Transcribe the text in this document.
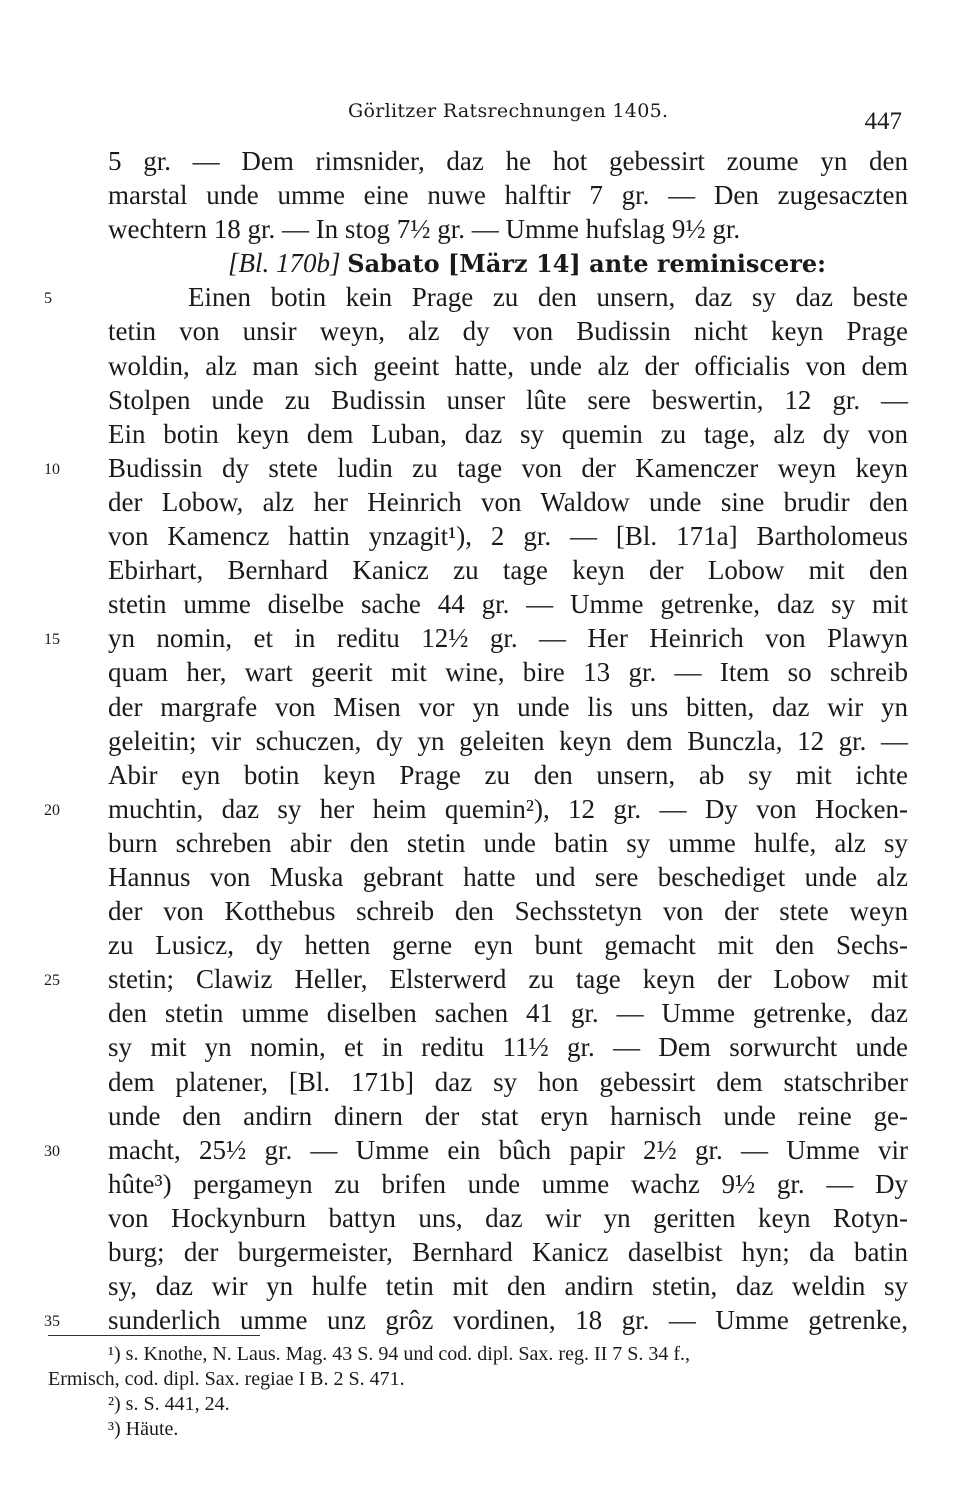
Görlitzer Ratsrechnungen 1405.	447
5 gr. — Dem rimsnider, daz he hot gebessirt zoume yn den
marstal unde umme eine nuwe halftir 7 gr. — Den zugesaczten
wechtern 18 gr. — In stog 7½ gr. — Umme hufslag 9½ gr.
[Bl. 170b] Sabato [März 14] ante reminiscere:
Einen botin kein Prage zu den unsern, daz sy daz beste
5
tetin von unsir weyn, alz dy von Budissin nicht keyn Prage
woldin, alz man sich geeint hatte, unde alz der officialis von dem
Stolpen unde zu Budissin unser lûte sere beswertin, 12 gr. —
Ein botin keyn dem Luban, daz sy quemin zu tage, alz dy von
Budissin dy stete ludin zu tage von der Kamenczer weyn keyn
10
der Lobow, alz her Heinrich von Waldow unde sine brudir den
von Kamencz hattin ynzagit¹), 2 gr. — [Bl. 171a] Bartholomeus
Ebirhart, Bernhard Kanicz zu tage keyn der Lobow mit den
stetin umme diselbe sache 44 gr. — Umme getrenke, daz sy mit
yn nomin, et in reditu 12½ gr. — Her Heinrich von Plawyn
15
quam her, wart geerit mit wine, bire 13 gr. — Item so schreib
der margrafe von Misen vor yn unde lis uns bitten, daz wir yn
geleitin; vir schuczen, dy yn geleiten keyn dem Bunczla, 12 gr. —
Abir eyn botin keyn Prage zu den unsern, ab sy mit ichte
muchtin, daz sy her heim quemin²), 12 gr. — Dy von Hocken-
20
burn schreben abir den stetin unde batin sy umme hulfe, alz sy
Hannus von Muska gebrant hatte und sere beschediget unde alz
der von Kotthebus schreib den Sechsstetyn von der stete weyn
zu Lusicz, dy hetten gerne eyn bunt gemacht mit den Sechs-
stetin; Clawiz Heller, Elsterwerd zu tage keyn der Lobow mit
25
den stetin umme diselben sachen 41 gr. — Umme getrenke, daz
sy mit yn nomin, et in reditu 11½ gr. — Dem sorwurcht unde
dem platener, [Bl. 171b] daz sy hon gebessirt dem statschriber
unde den andirn dinern der stat eryn harnisch unde reine ge-
macht, 25½ gr. — Umme ein bûch papir 2½ gr. — Umme vir
30
hûte³) pergameyn zu brifen unde umme wachz 9½ gr. — Dy
von Hockynburn battyn uns, daz wir yn geritten keyn Rotyn-
burg; der burgermeister, Bernhard Kanicz daselbist hyn; da batin
sy, daz wir yn hulfe tetin mit den andirn stetin, daz weldin sy
sunderlich umme unz grôz vordinen, 18 gr. — Umme getrenke,
35
¹) s. Knothe, N. Laus. Mag. 43 S. 94 und cod. dipl. Sax. reg. II 7 S. 34 f.,
Ermisch, cod. dipl. Sax. regiae I B. 2 S. 471.
²) s. S. 441, 24.
³) Häute.
